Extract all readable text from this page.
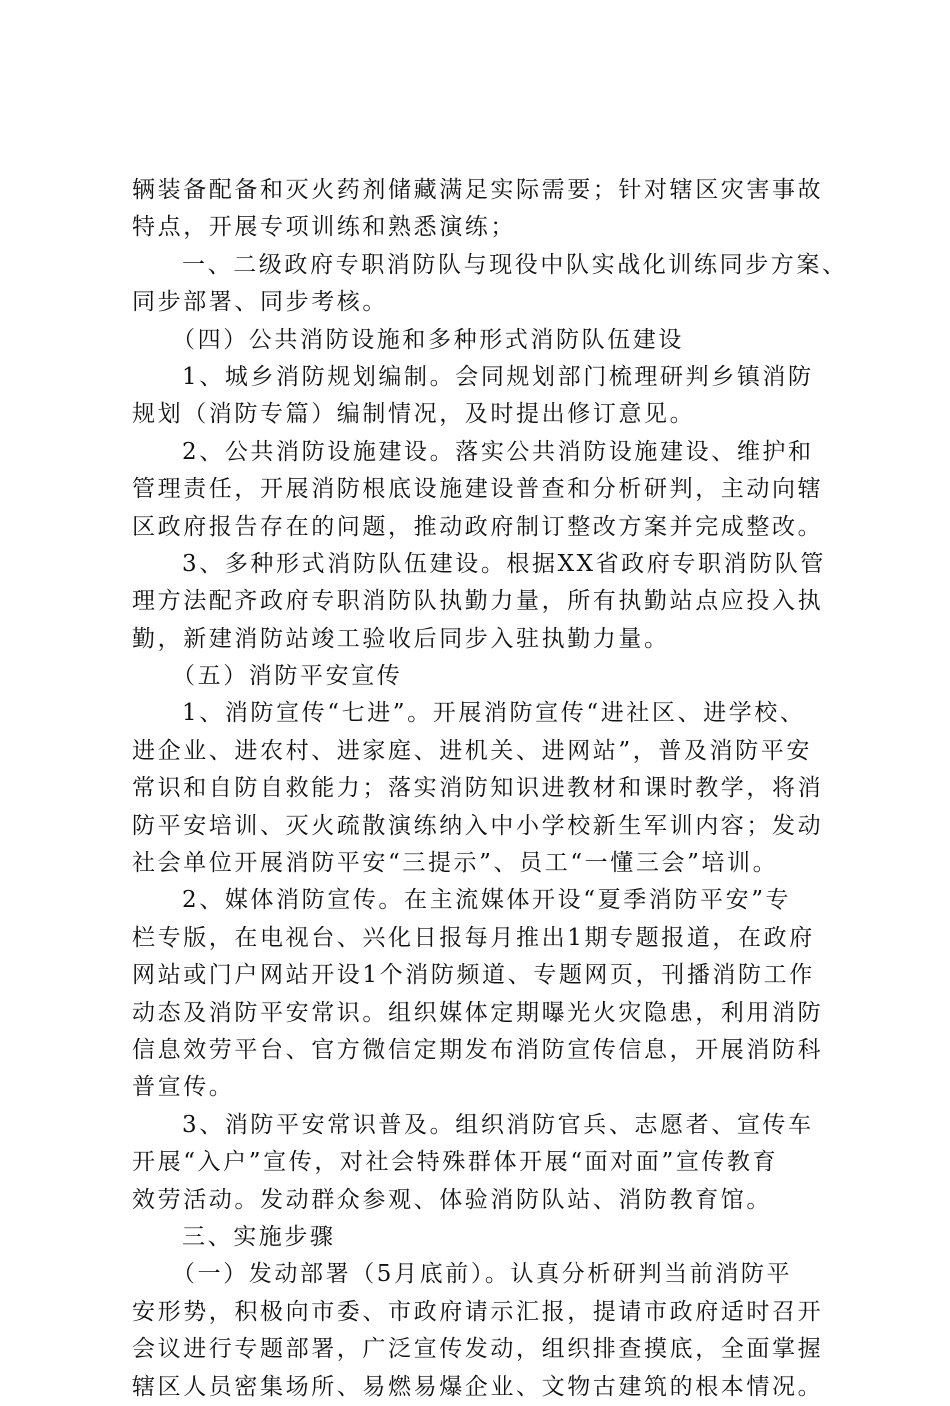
辆装备配备和灭火药剂储藏满足实际需要；针对辖区灾害事故
特点，开展专项训练和熟悉演练；
一、二级政府专职消防队与现役中队实战化训练同步方案、
同步部署、同步考核。
（四）公共消防设施和多种形式消防队伍建设
1、城乡消防规划编制。会同规划部门梳理研判乡镇消防
规划（消防专篇）编制情况，及时提出修订意见。
2、公共消防设施建设。落实公共消防设施建设、维护和
管理责任，开展消防根底设施建设普查和分析研判，主动向辖
区政府报告存在的问题，推动政府制订整改方案并完成整改。
3、多种形式消防队伍建设。根据XX省政府专职消防队管
理方法配齐政府专职消防队执勤力量，所有执勤站点应投入执
勤，新建消防站竣工验收后同步入驻执勤力量。
（五）消防平安宣传
1、消防宣传“七进”。开展消防宣传“进社区、进学校、
进企业、进农村、进家庭、进机关、进网站”，普及消防平安
常识和自防自救能力；落实消防知识进教材和课时教学，将消
防平安培训、灭火疏散演练纳入中小学校新生军训内容；发动
社会单位开展消防平安“三提示”、员工“一懂三会”培训。
2、媒体消防宣传。在主流媒体开设“夏季消防平安”专
栏专版，在电视台、兴化日报每月推出1期专题报道，在政府
网站或门户网站开设1个消防频道、专题网页，刊播消防工作
动态及消防平安常识。组织媒体定期曝光火灾隐患，利用消防
信息效劳平台、官方微信定期发布消防宣传信息，开展消防科
普宣传。
3、消防平安常识普及。组织消防官兵、志愿者、宣传车
开展“入户”宣传，对社会特殊群体开展“面对面”宣传教育
效劳活动。发动群众参观、体验消防队站、消防教育馆。
三、实施步骤
（一）发动部署（5月底前）。认真分析研判当前消防平
安形势，积极向市委、市政府请示汇报，提请市政府适时召开
会议进行专题部署，广泛宣传发动，组织排查摸底，全面掌握
辖区人员密集场所、易燃易爆企业、文物古建筑的根本情况。
